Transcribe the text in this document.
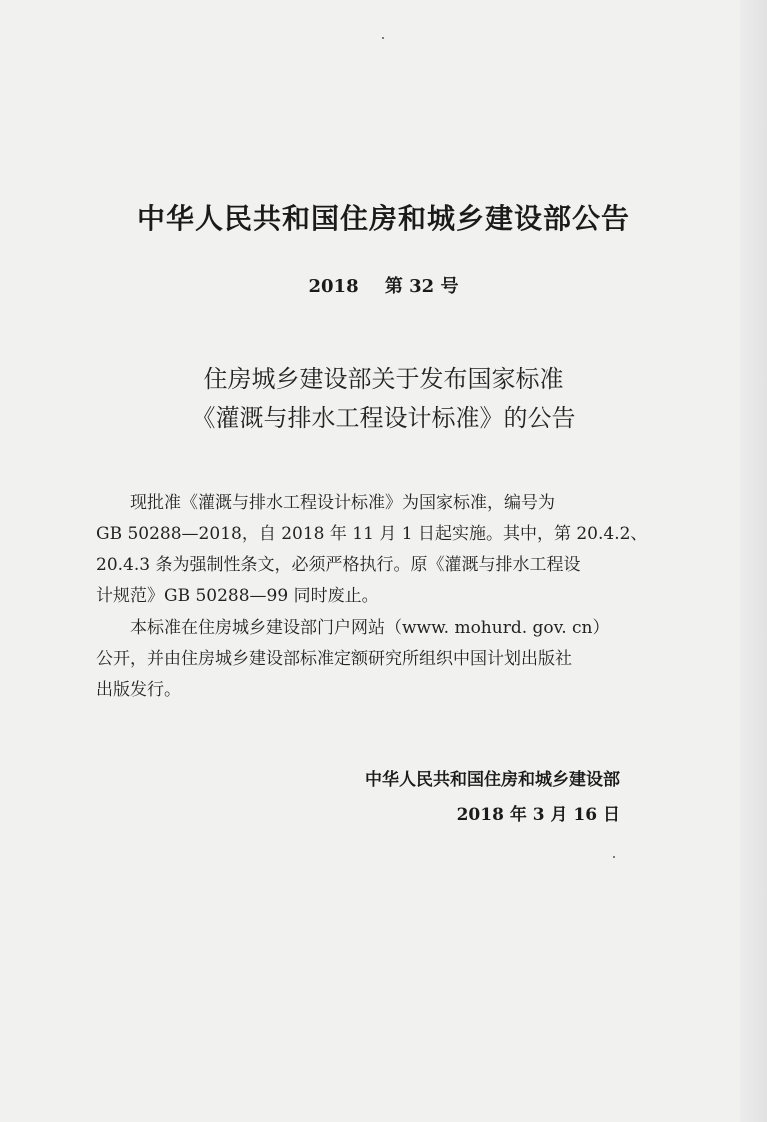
中华人民共和国住房和城乡建设部公告
2018 第 32 号
住房城乡建设部关于发布国家标准
《灌溉与排水工程设计标准》的公告
现批准《灌溉与排水工程设计标准》为国家标准，编号为
GB 50288—2018，自 2018 年 11 月 1 日起实施。其中，第 20.4.2、
20.4.3 条为强制性条文，必须严格执行。原《灌溉与排水工程设
计规范》GB 50288—99 同时废止。
本标准在住房城乡建设部门户网站（www. mohurd. gov. cn）
公开，并由住房城乡建设部标准定额研究所组织中国计划出版社
出版发行。
中华人民共和国住房和城乡建设部
2018 年 3 月 16 日
